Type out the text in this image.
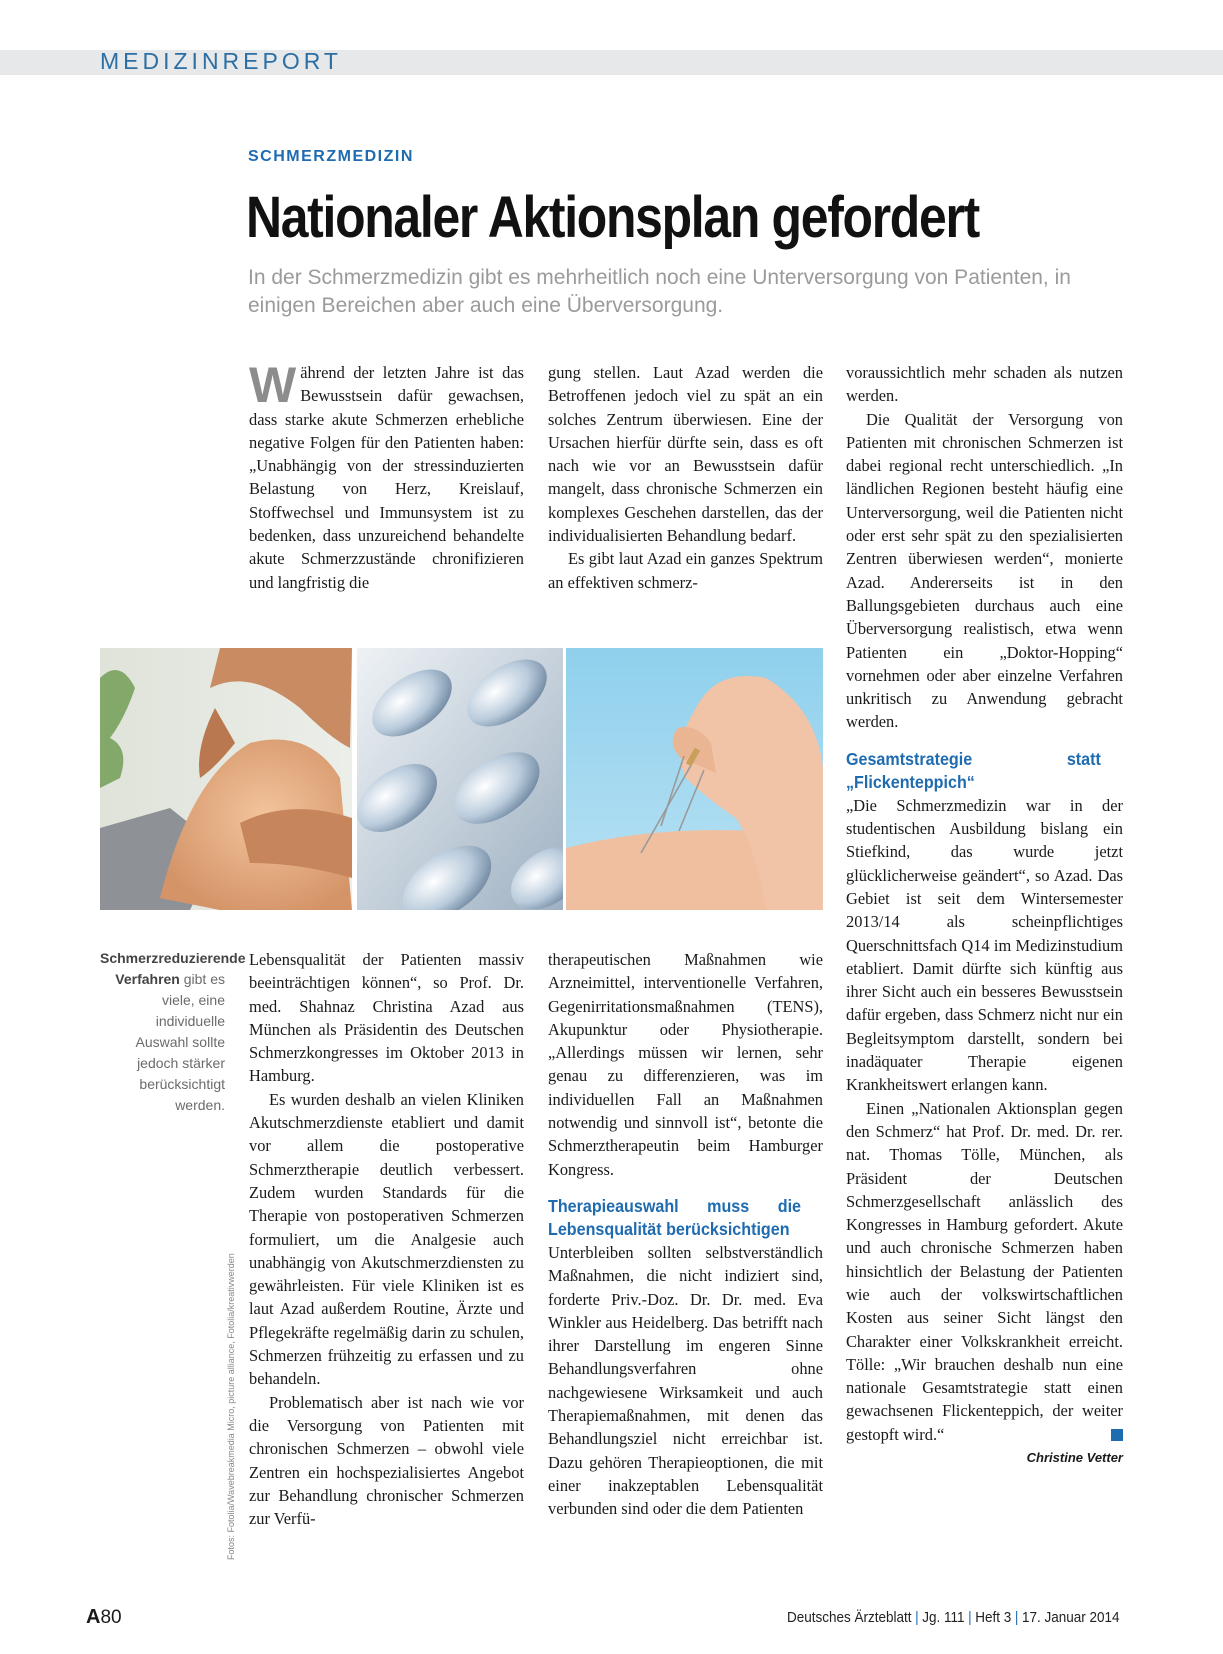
MEDIZINREPORT
SCHMERZMEDIZIN
Nationaler Aktionsplan gefordert
In der Schmerzmedizin gibt es mehrheitlich noch eine Unterversorgung von Patienten, in einigen Bereichen aber auch eine Überversorgung.

Während der letzten Jahre ist das Bewusstsein dafür gewachsen, dass starke akute Schmerzen erhebliche negative Folgen für den Patienten haben: „Unabhängig von der stressinduzierten Belastung von Herz, Kreislauf, Stoffwechsel und Immunsystem ist zu bedenken, dass unzureichend behandelte akute Schmerzzustände chronifizieren und langfristig die

gung stellen. Laut Azad werden die Betroffenen jedoch viel zu spät an ein solches Zentrum überwiesen. Eine der Ursachen hierfür dürfte sein, dass es oft nach wie vor an Bewusstsein dafür mangelt, dass chronische Schmerzen ein komplexes Geschehen darstellen, das der individualisierten Behandlung bedarf.

Es gibt laut Azad ein ganzes Spektrum an effektiven schmerz-

voraussichtlich mehr schaden als nutzen werden.

Die Qualität der Versorgung von Patienten mit chronischen Schmerzen ist dabei regional recht unterschiedlich. „In ländlichen Regionen besteht häufig eine Unterversorgung, weil die Patienten nicht oder erst sehr spät zu den spezialisierten Zentren überwiesen werden“, monierte Azad. Andererseits ist in den Ballungsgebieten durchaus auch eine Überversorgung realistisch, etwa wenn Patienten ein „Doktor-Hopping“ vornehmen oder aber einzelne Verfahren unkritisch zu Anwendung gebracht werden.

Gesamtstrategie statt „Flickenteppich“

„Die Schmerzmedizin war in der studentischen Ausbildung bislang ein Stiefkind, das wurde jetzt glücklicherweise geändert“, so Azad. Das Gebiet ist seit dem Wintersemester 2013/14 als scheinpflichtiges Querschnittsfach Q14 im Medizinstudium etabliert. Damit dürfte sich künftig aus ihrer Sicht auch ein besseres Bewusstsein dafür ergeben, dass Schmerz nicht nur ein Begleitsymptom darstellt, sondern bei inadäquater Therapie eigenen Krankheitswert erlangen kann.

Einen „Nationalen Aktionsplan gegen den Schmerz“ hat Prof. Dr. med. Dr. rer. nat. Thomas Tölle, München, als Präsident der Deutschen Schmerzgesellschaft anlässlich des Kongresses in Hamburg gefordert. Akute und auch chronische Schmerzen haben hinsichtlich der Belastung der Patienten wie auch der volkswirtschaftlichen Kosten aus seiner Sicht längst den Charakter einer Volkskrankheit erreicht. Tölle: „Wir brauchen deshalb nun eine nationale Gesamtstrategie statt einen gewachsenen Flickenteppich, der weiter gestopft wird.“

Christine Vetter
Schmerzreduzierende Verfahren gibt es viele, eine individuelle Auswahl sollte jedoch stärker berücksichtigt werden.
Fotos: Fotolia/Wavebreakmedia Micro, picture alliance, Fotolia/kreativwerden

Lebensqualität der Patienten massiv beeinträchtigen können“, so Prof. Dr. med. Shahnaz Christina Azad aus München als Präsidentin des Deutschen Schmerzkongresses im Oktober 2013 in Hamburg.

Es wurden deshalb an vielen Kliniken Akutschmerzdienste etabliert und damit vor allem die postoperative Schmerztherapie deutlich verbessert. Zudem wurden Standards für die Therapie von postoperativen Schmerzen formuliert, um die Analgesie auch unabhängig von Akutschmerzdiensten zu gewährleisten. Für viele Kliniken ist es laut Azad außerdem Routine, Ärzte und Pflegekräfte regelmäßig darin zu schulen, Schmerzen frühzeitig zu erfassen und zu behandeln.

Problematisch aber ist nach wie vor die Versorgung von Patienten mit chronischen Schmerzen – obwohl viele Zentren ein hochspezialisiertes Angebot zur Behandlung chronischer Schmerzen zur Verfü-

therapeutischen Maßnahmen wie Arzneimittel, interventionelle Verfahren, Gegenirritationsmaßnahmen (TENS), Akupunktur oder Physiotherapie. „Allerdings müssen wir lernen, sehr genau zu differenzieren, was im individuellen Fall an Maßnahmen notwendig und sinnvoll ist“, betonte die Schmerztherapeutin beim Hamburger Kongress.

Therapieauswahl muss die Lebensqualität berücksichtigen

Unterbleiben sollten selbstverständlich Maßnahmen, die nicht indiziert sind, forderte Priv.-Doz. Dr. Dr. med. Eva Winkler aus Heidelberg. Das betrifft nach ihrer Darstellung im engeren Sinne Behandlungsverfahren ohne nachgewiesene Wirksamkeit und auch Therapiemaßnahmen, mit denen das Behandlungsziel nicht erreichbar ist. Dazu gehören Therapieoptionen, die mit einer inakzeptablen Lebensqualität verbunden sind oder die dem Patienten

A80	Deutsches Ärzteblatt | Jg. 111 | Heft 3 | 17. Januar 2014
